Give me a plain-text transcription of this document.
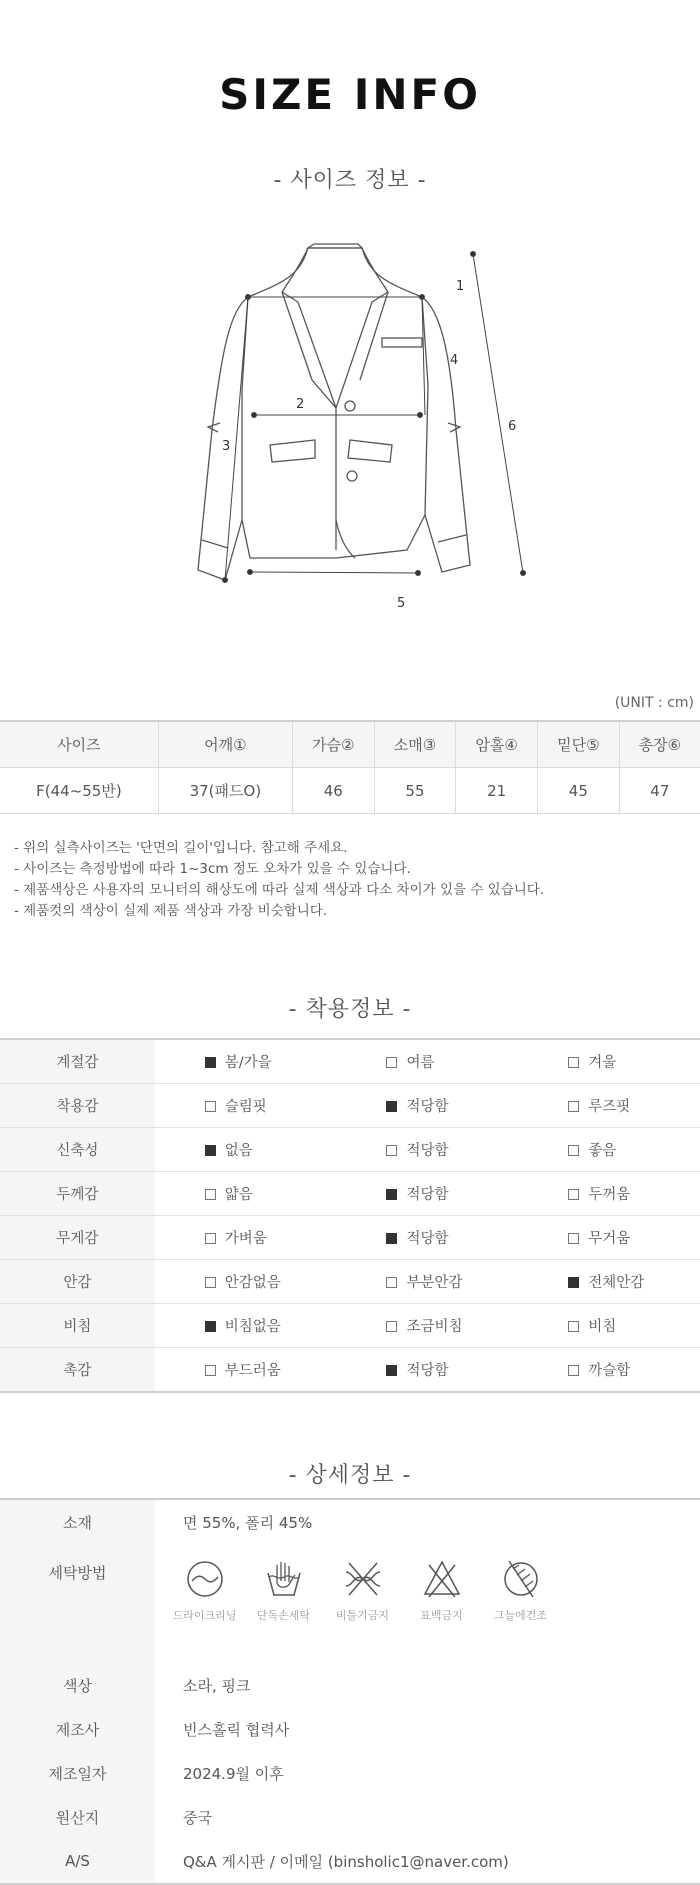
SIZE INFO
- 사이즈 정보 -
1
2
3
4
5
6
(UNIT : cm)
사이즈	어깨①	가슴②	소매③	암홀④	밑단⑤	총장⑥
F(44~55반)	37(패드O)	46	55	21	45	47
- 위의 실측사이즈는 '단면의 길이'입니다. 참고해 주세요.
- 사이즈는 측정방법에 따라 1~3cm 정도 오차가 있을 수 있습니다.
- 제품색상은 사용자의 모니터의 해상도에 따라 실제 색상과 다소 차이가 있을 수 있습니다.
- 제품컷의 색상이 실제 제품 색상과 가장 비슷합니다.
- 착용정보 -
계절감	봄/가을	여름	겨울
착용감	슬림핏	적당함	루즈핏
신축성	없음	적당함	좋음
두께감	얇음	적당함	두꺼움
무게감	가벼움	적당함	무거움
안감	안감없음	부분안감	전체안감
비침	비침없음	조금비침	비침
촉감	부드러움	적당함	까슬함
- 상세정보 -
소재	면 55%, 폴리 45%
세탁방법	드라이크리닝 단독손세탁 비틀기금지 표백금지 그늘에건조

색상	소라, 핑크
제조사	빈스홀릭 협력사
제조일자	2024.9월 이후
원산지	중국
A/S	Q&A 게시판 / 이메일 (binsholic1@naver.com)
